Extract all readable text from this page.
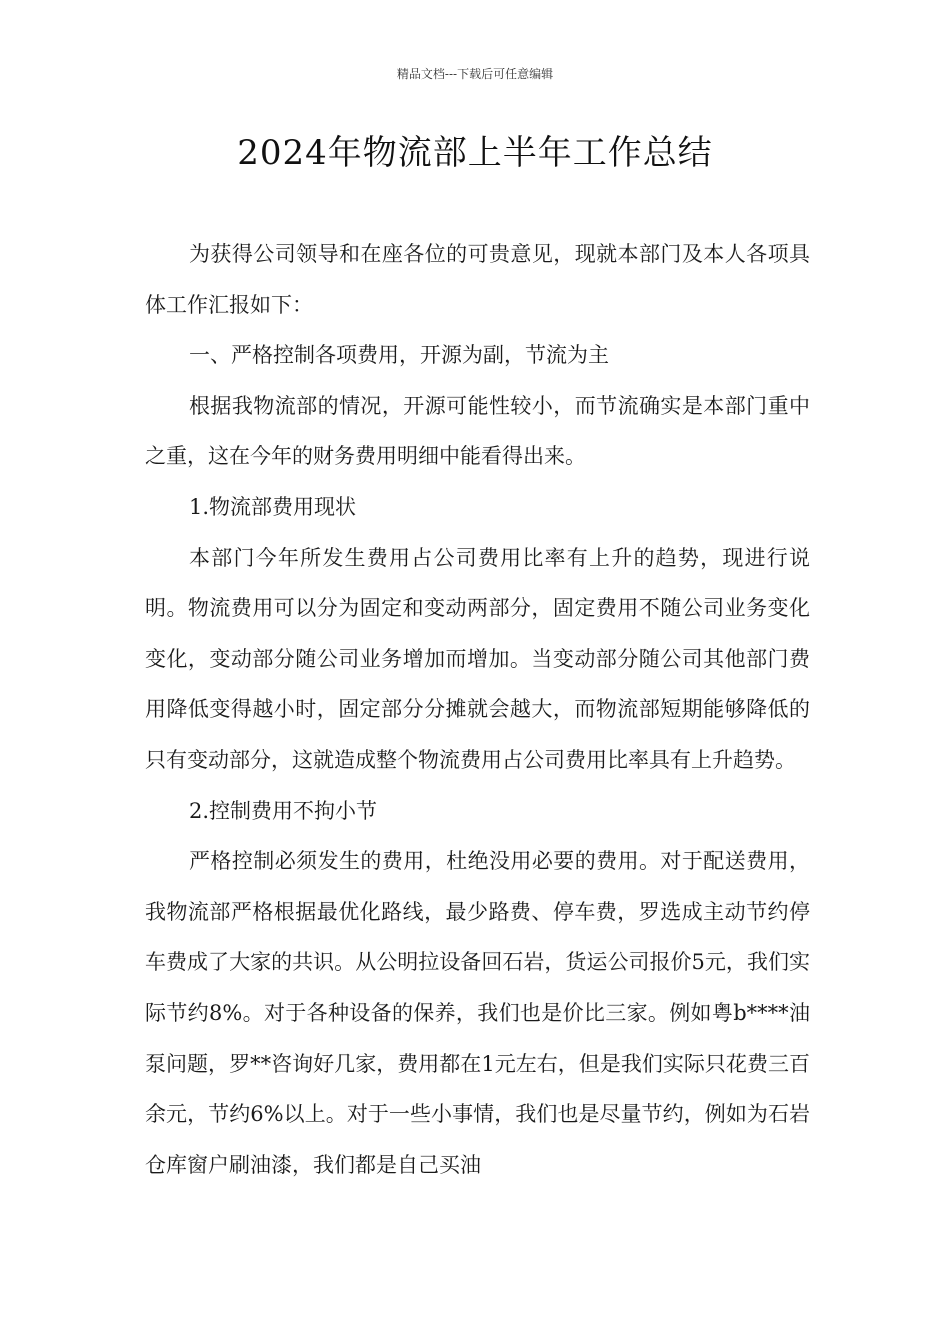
精品文档---下载后可任意编辑
2024年物流部上半年工作总结

为获得公司领导和在座各位的可贵意见，现就本部门及本人各项具体工作汇报如下：

一、严格控制各项费用，开源为副，节流为主

根据我物流部的情况，开源可能性较小，而节流确实是本部门重中之重，这在今年的财务费用明细中能看得出来。

1.物流部费用现状

本部门今年所发生费用占公司费用比率有上升的趋势，现进行说明。物流费用可以分为固定和变动两部分，固定费用不随公司业务变化变化，变动部分随公司业务增加而增加。当变动部分随公司其他部门费用降低变得越小时，固定部分分摊就会越大，而物流部短期能够降低的只有变动部分，这就造成整个物流费用占公司费用比率具有上升趋势。

2.控制费用不拘小节

严格控制必须发生的费用，杜绝没用必要的费用。对于配送费用，我物流部严格根据最优化路线，最少路费、停车费，罗选成主动节约停车费成了大家的共识。从公明拉设备回石岩，货运公司报价5元，我们实际节约8%。对于各种设备的保养，我们也是价比三家。例如粤b****油泵问题，罗**咨询好几家，费用都在1元左右，但是我们实际只花费三百余元，节约6%以上。对于一些小事情，我们也是尽量节约，例如为石岩仓库窗户刷油漆，我们都是自己买油
